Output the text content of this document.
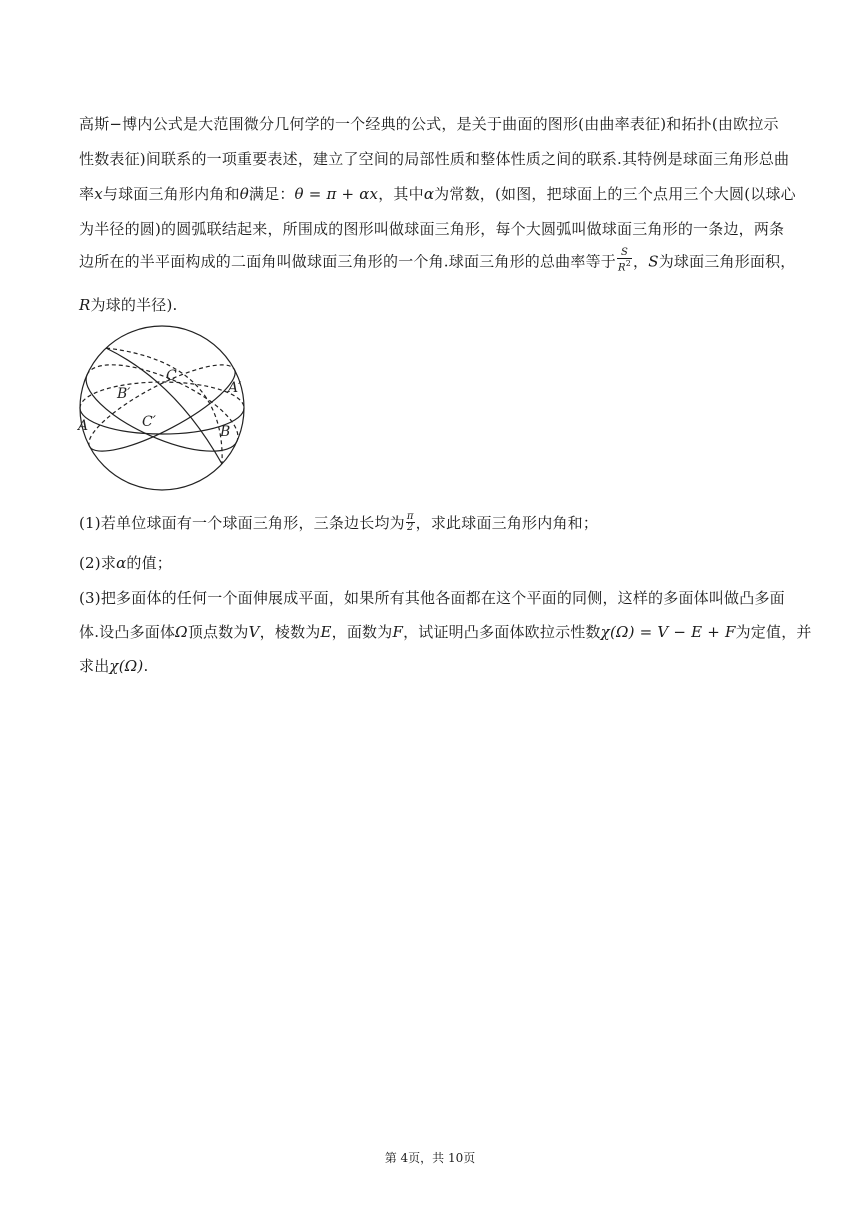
高斯−博内公式是大范围微分几何学的一个经典的公式，是关于曲面的图形(由曲率表征)和拓扑(由欧拉示
性数表征)间联系的一项重要表述，建立了空间的局部性质和整体性质之间的联系.其特例是球面三角形总曲
率x与球面三角形内角和θ满足：θ = π + αx，其中α为常数，(如图，把球面上的三个点用三个大圆(以球心
为半径的圆)的圆弧联结起来，所围成的图形叫做球面三角形，每个大圆弧叫做球面三角形的一条边，两条
边所在的半平面构成的二面角叫做球面三角形的一个角.球面三角形的总曲率等于 $\frac{S}{R^2}$ ，S为球面三角形面积，
R为球的半径).
A	B
C
A′
B′
C′
(1)若单位球面有一个球面三角形，三条边长均为 $\frac{\pi}{2}$ ，求此球面三角形内角和；
(2)求α的值；
(3)把多面体的任何一个面伸展成平面，如果所有其他各面都在这个平面的同侧，这样的多面体叫做凸多面
体.设凸多面体Ω顶点数为V，棱数为E，面数为F，试证明凸多面体欧拉示性数χ(Ω) = V − E + F为定值，并
求出χ(Ω).
第 4页，共 10页
